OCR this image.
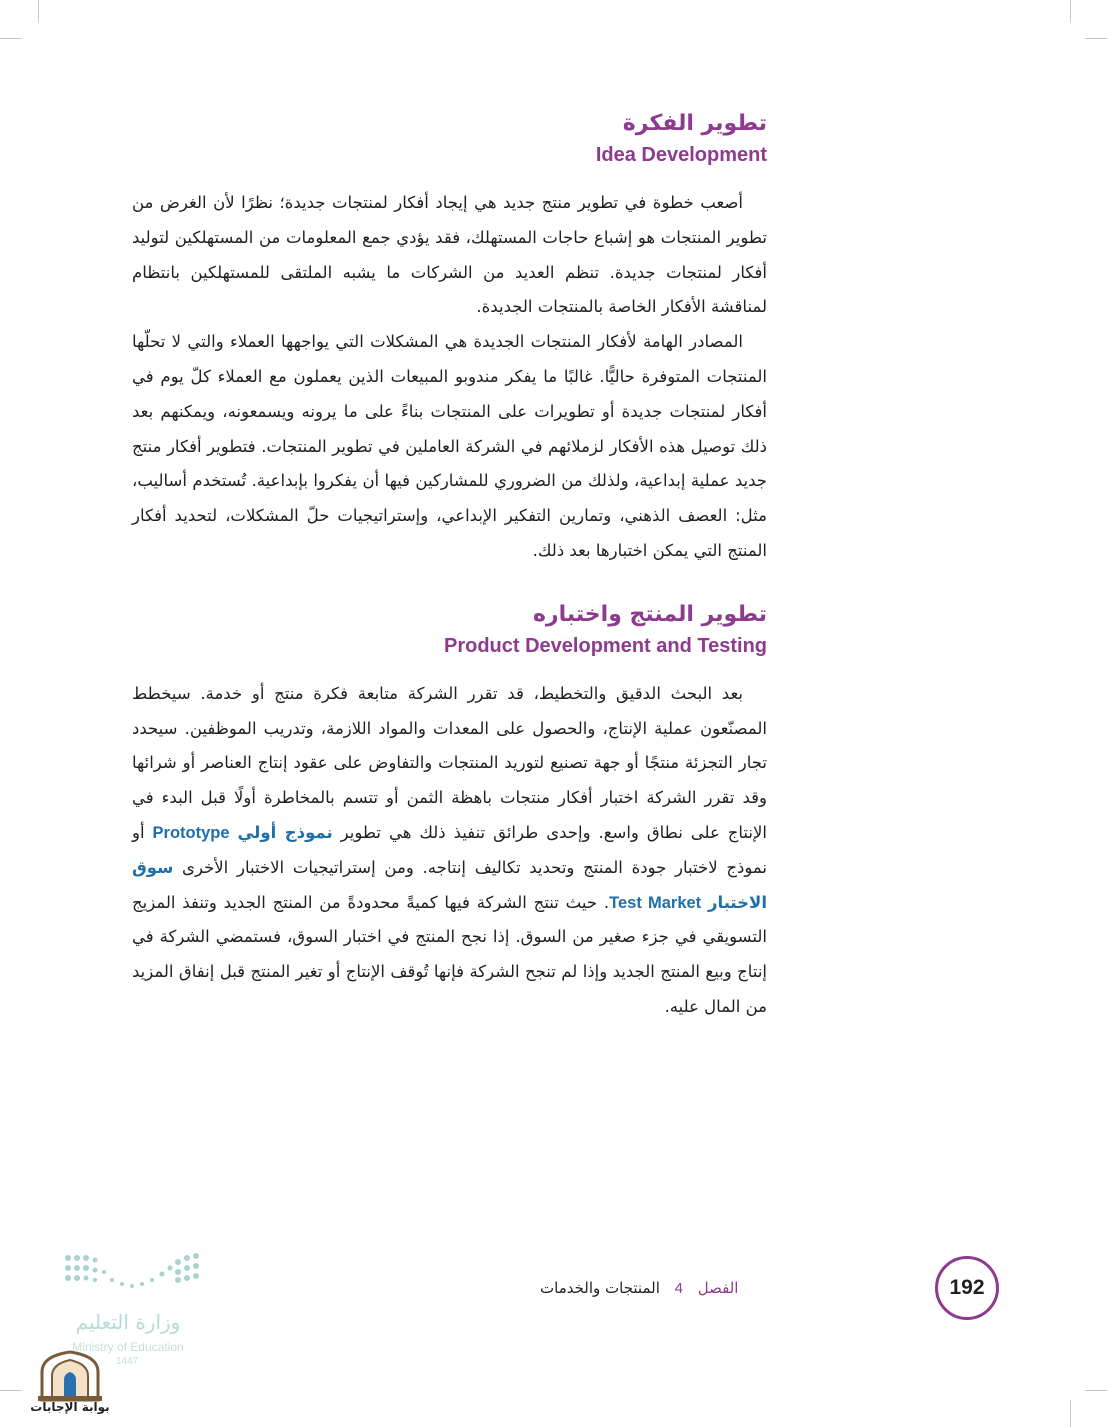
تطوير الفكرة
Idea Development

أصعب خطوة في تطوير منتج جديد هي إيجاد أفكار لمنتجات جديدة؛ نظرًا لأن الغرض من تطوير المنتجات هو إشباع حاجات المستهلك، فقد يؤدي جمع المعلومات من المستهلكين لتوليد أفكار لمنتجات جديدة. تنظم العديد من الشركات ما يشبه الملتقى للمستهلكين بانتظام لمناقشة الأفكار الخاصة بالمنتجات الجديدة.

المصادر الهامة لأفكار المنتجات الجديدة هي المشكلات التي يواجهها العملاء والتي لا تحلّها المنتجات المتوفرة حاليًّا. غالبًا ما يفكر مندوبو المبيعات الذين يعملون مع العملاء كلّ يوم في أفكار لمنتجات جديدة أو تطويرات على المنتجات بناءً على ما يرونه ويسمعونه، ويمكنهم بعد ذلك توصيل هذه الأفكار لزملائهم في الشركة العاملين في تطوير المنتجات. فتطوير أفكار منتج جديد عملية إبداعية، ولذلك من الضروري للمشاركين فيها أن يفكروا بإبداعية. تُستخدم أساليب، مثل: العصف الذهني، وتمارين التفكير الإبداعي، وإستراتيجيات حلّ المشكلات، لتحديد أفكار المنتج التي يمكن اختبارها بعد ذلك.

تطوير المنتج واختباره
Product Development and Testing

بعد البحث الدقيق والتخطيط، قد تقرر الشركة متابعة فكرة منتج أو خدمة. سيخطط المصنّعون عملية الإنتاج، والحصول على المعدات والمواد اللازمة، وتدريب الموظفين. سيحدد تجار التجزئة منتجًا أو جهة تصنيع لتوريد المنتجات والتفاوض على عقود إنتاج العناصر أو شرائها وقد تقرر الشركة اختبار أفكار منتجات باهظة الثمن أو تتسم بالمخاطرة أولًا قبل البدء في الإنتاج على نطاق واسع. وإحدى طرائق تنفيذ ذلك هي تطوير نموذج أولي Prototype أو نموذج لاختبار جودة المنتج وتحديد تكاليف إنتاجه. ومن إستراتيجيات الاختبار الأخرى سوق الاختبار Test Market. حيث تنتج الشركة فيها كميةً محدودةً من المنتج الجديد وتنفذ المزيج التسويقي في جزء صغير من السوق. إذا نجح المنتج في اختبار السوق، فستمضي الشركة في إنتاج وبيع المنتج الجديد وإذا لم تنجح الشركة فإنها تُوقف الإنتاج أو تغير المنتج قبل إنفاق المزيد من المال عليه.

الفصل 4 المنتجات والخدمات	192
وزارة التعليم
Ministry of Education
1447
بوابة الإجابات
